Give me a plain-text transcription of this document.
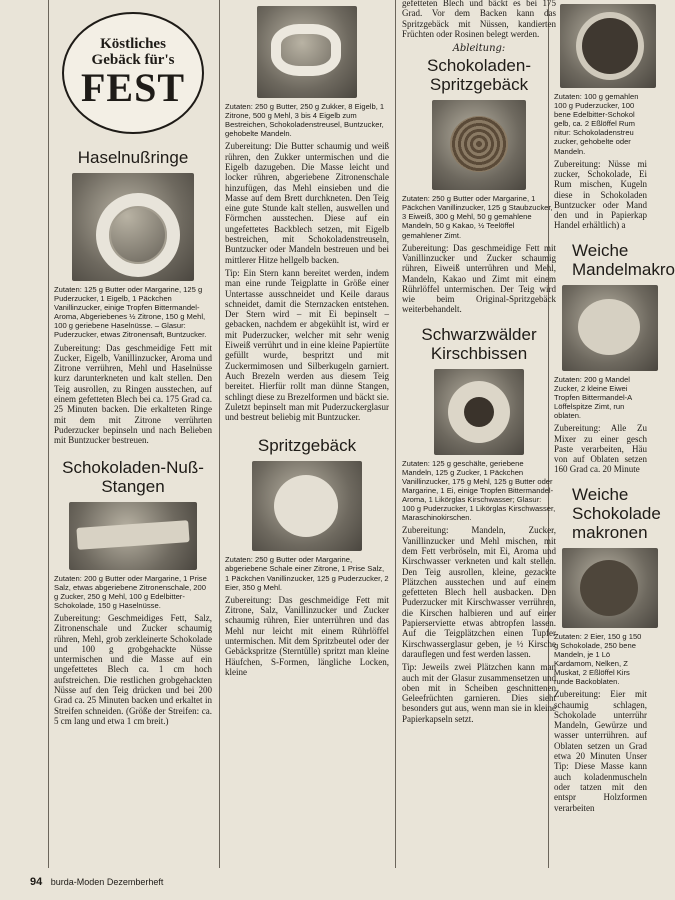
Köstliches
Gebäck für's
FEST
Haselnußringe

Zutaten: 125 g Butter oder Margarine, 125 g Puderzucker, 1 Eigelb, 1 Päckchen Vanillinzucker, einige Tropfen Bittermandel-Aroma, Abgeriebenes ½ Zitrone, 150 g Mehl, 100 g geriebene Haselnüsse. – Glasur: Puderzucker, etwas Zitronensaft, Buntzucker.

Zubereitung: Das geschmeidige Fett mit Zucker, Eigelb, Vanillinzucker, Aroma und Zitrone verrühren, Mehl und Haselnüsse kurz darunterkneten und kalt stellen. Den Teig ausrollen, zu Ringen ausstechen, auf einem gefetteten Blech bei ca. 175 Grad ca. 25 Minuten backen. Die erkalteten Ringe mit dem mit Zitrone verrührten Puderzucker bepinseln und nach Belieben mit Buntzucker bestreuen.

Schokoladen-Nuß-Stangen

Zutaten: 200 g Butter oder Margarine, 1 Prise Salz, etwas abgeriebene Zitronenschale, 200 g Zucker, 250 g Mehl, 100 g Edelbitter-Schokolade, 150 g Haselnüsse.

Zubereitung: Geschmeidiges Fett, Salz, Zitronenschale und Zucker schaumig rühren, Mehl, grob zerkleinerte Schokolade und 100 g grobgehackte Nüsse untermischen und die Masse auf ein ungefettetes Blech ca. 1 cm hoch aufstreichen. Die restlichen grobgehackten Nüsse auf den Teig drücken und bei 200 Grad ca. 25 Minuten backen und erkaltet in Streifen schneiden. (Größe der Streifen: ca. 5 cm lang und etwa 1 cm breit.)

Zutaten: 250 g Butter, 250 g Zukker, 8 Eigelb, 1 Zitrone, 500 g Mehl, 3 bis 4 Eigelb zum Bestreichen, Schokoladenstreusel, Buntzucker, gehobelte Mandeln.

Zubereitung: Die Butter schaumig und weiß rühren, den Zukker untermischen und die Eigelb dazugeben. Die Masse leicht und locker rühren, abgeriebene Zitronenschale hinzufügen, das Mehl einsieben und die Masse auf dem Brett durchkneten. Den Teig eine gute Stunde kalt stellen, auswellen und Förmchen ausstechen. Diese auf ein ungefettetes Backblech setzen, mit Eigelb bestreichen, mit Schokoladenstreuseln, Buntzucker oder Mandeln bestreuen und bei mittlerer Hitze hellgelb backen.

Tip: Ein Stern kann bereitet werden, indem man eine runde Teigplatte in Größe einer Untertasse ausschneidet und Keile daraus schneidet, damit die Sternzacken entstehen. Der Stern wird – mit Ei bepinselt – gebacken, nachdem er abgekühlt ist, wird er mit Puderzucker, welcher mit sehr wenig Eiweiß verrührt und in eine kleine Papiertüte gefüllt wurde, bespritzt und mit Zuckermimosen und Silberkugeln garniert. Auch Brezeln werden aus diesem Teig bereitet. Hierfür rollt man dünne Stangen, schlingt diese zu Brezelformen und bäckt sie. Zuletzt bepinselt man mit Puderzuckerglasur und bestreut beliebig mit Buntzucker.

Spritzgebäck

Zutaten: 250 g Butter oder Margarine, abgeriebene Schale einer Zitrone, 1 Prise Salz, 1 Päckchen Vanillinzucker, 125 g Puderzucker, 2 Eier, 350 g Mehl.

Zubereitung: Das geschmeidige Fett mit Zitrone, Salz, Vanillinzucker und Zucker schaumig rühren, Eier unterrühren und das Mehl nur leicht mit einem Rührlöffel untermischen. Mit dem Spritzbeutel oder der Gebäckspritze (Sterntülle) spritzt man kleine Häufchen, S-Formen, längliche Locken, kleine

gefetteten Blech und bäckt es bei 175 Grad. Vor dem Backen kann das Spritzgebäck mit Nüssen, kandierten Früchten oder Rosinen belegt werden.

Ableitung:

Schokoladen-Spritzgebäck

Zutaten: 250 g Butter oder Margarine, 1 Päckchen Vanillinzucker, 125 g Staubzucker, 3 Eiweiß, 300 g Mehl, 50 g gemahlene Mandeln, 50 g Kakao, ½ Teelöffel gemahlener Zimt.

Zubereitung: Das geschmeidige Fett mit Vanillinzucker und Zucker schaumig rühren, Eiweiß unterrühren und Mehl, Mandeln, Kakao und Zimt mit einem Rührlöffel untermischen. Der Teig wird wie beim Original-Spritzgebäck weiterbehandelt.

Schwarzwälder Kirschbissen

Zutaten: 125 g geschälte, geriebene Mandeln, 125 g Zucker, 1 Päckchen Vanillinzucker, 175 g Mehl, 125 g Butter oder Margarine, 1 Ei, einige Tropfen Bittermandel-Aroma, 1 Likörglas Kirschwasser; Glasur: 100 g Puderzucker, 1 Likörglas Kirschwasser, Maraschinokirschen.

Zubereitung: Mandeln, Zucker, Vanillinzucker und Mehl mischen, mit dem Fett verbröseln, mit Ei, Aroma und Kirschwasser verkneten und kalt stellen. Den Teig ausrollen, kleine, gezackte Plätzchen ausstechen und auf einem gefetteten Blech hell ausbacken. Den Puderzucker mit Kirschwasser verrühren, die Kirschen halbieren und auf einer Papierserviette etwas abtropfen lassen. Auf die Teigplätzchen einen Tupfer Kirschwasserglasur geben, je ½ Kirsche darauflegen und fest werden lassen.

Tip: Jeweils zwei Plätzchen kann man auch mit der Glasur zusammensetzen und oben mit in Scheiben geschnittenen Geleefrüchten garnieren. Dies sieht besonders gut aus, wenn man sie in kleine Papierkapseln setzt.

Zutaten: 100 g gemahlen 100 g Puderzucker, 100 bene Edelbitter-Schokol gelb, ca. 2 Eßlöffel Rum nitur: Schokoladenstreu zucker, gehobelte oder Mandeln.

Zubereitung: Nüsse mi zucker, Schokolade, Ei Rum mischen, Kugeln diese in Schokoladen Buntzucker oder Mand den und in Papierkap Handel erhältlich) a

Weiche Mandelmakro

Zutaten: 200 g Mandel Zucker, 2 kleine Eiwei Tropfen Bittermandel-A Löffelspitze Zimt, run oblaten.

Zubereitung: Alle Zu Mixer zu einer gesch Paste verarbeiten, Häu von auf Oblaten setzen 160 Grad ca. 20 Minute

Weiche Schokolade makronen

Zutaten: 2 Eier, 150 g 150 g Schokolade, 250 bene Mandeln, je 1 Lö Kardamom, Nelken, Z Muskat, 2 Eßlöffel Kirs runde Backoblaten.

Zubereitung: Eier mit schaumig schlagen, Schokolade unterrühr Mandeln, Gewürze und wasser unterrühren. auf Oblaten setzen un Grad etwa 20 Minuten Unser Tip: Diese Masse kann auch koladenmuscheln oder tatzen mit den entspr Holzformen verarbeiten

94 burda-Moden Dezemberheft
